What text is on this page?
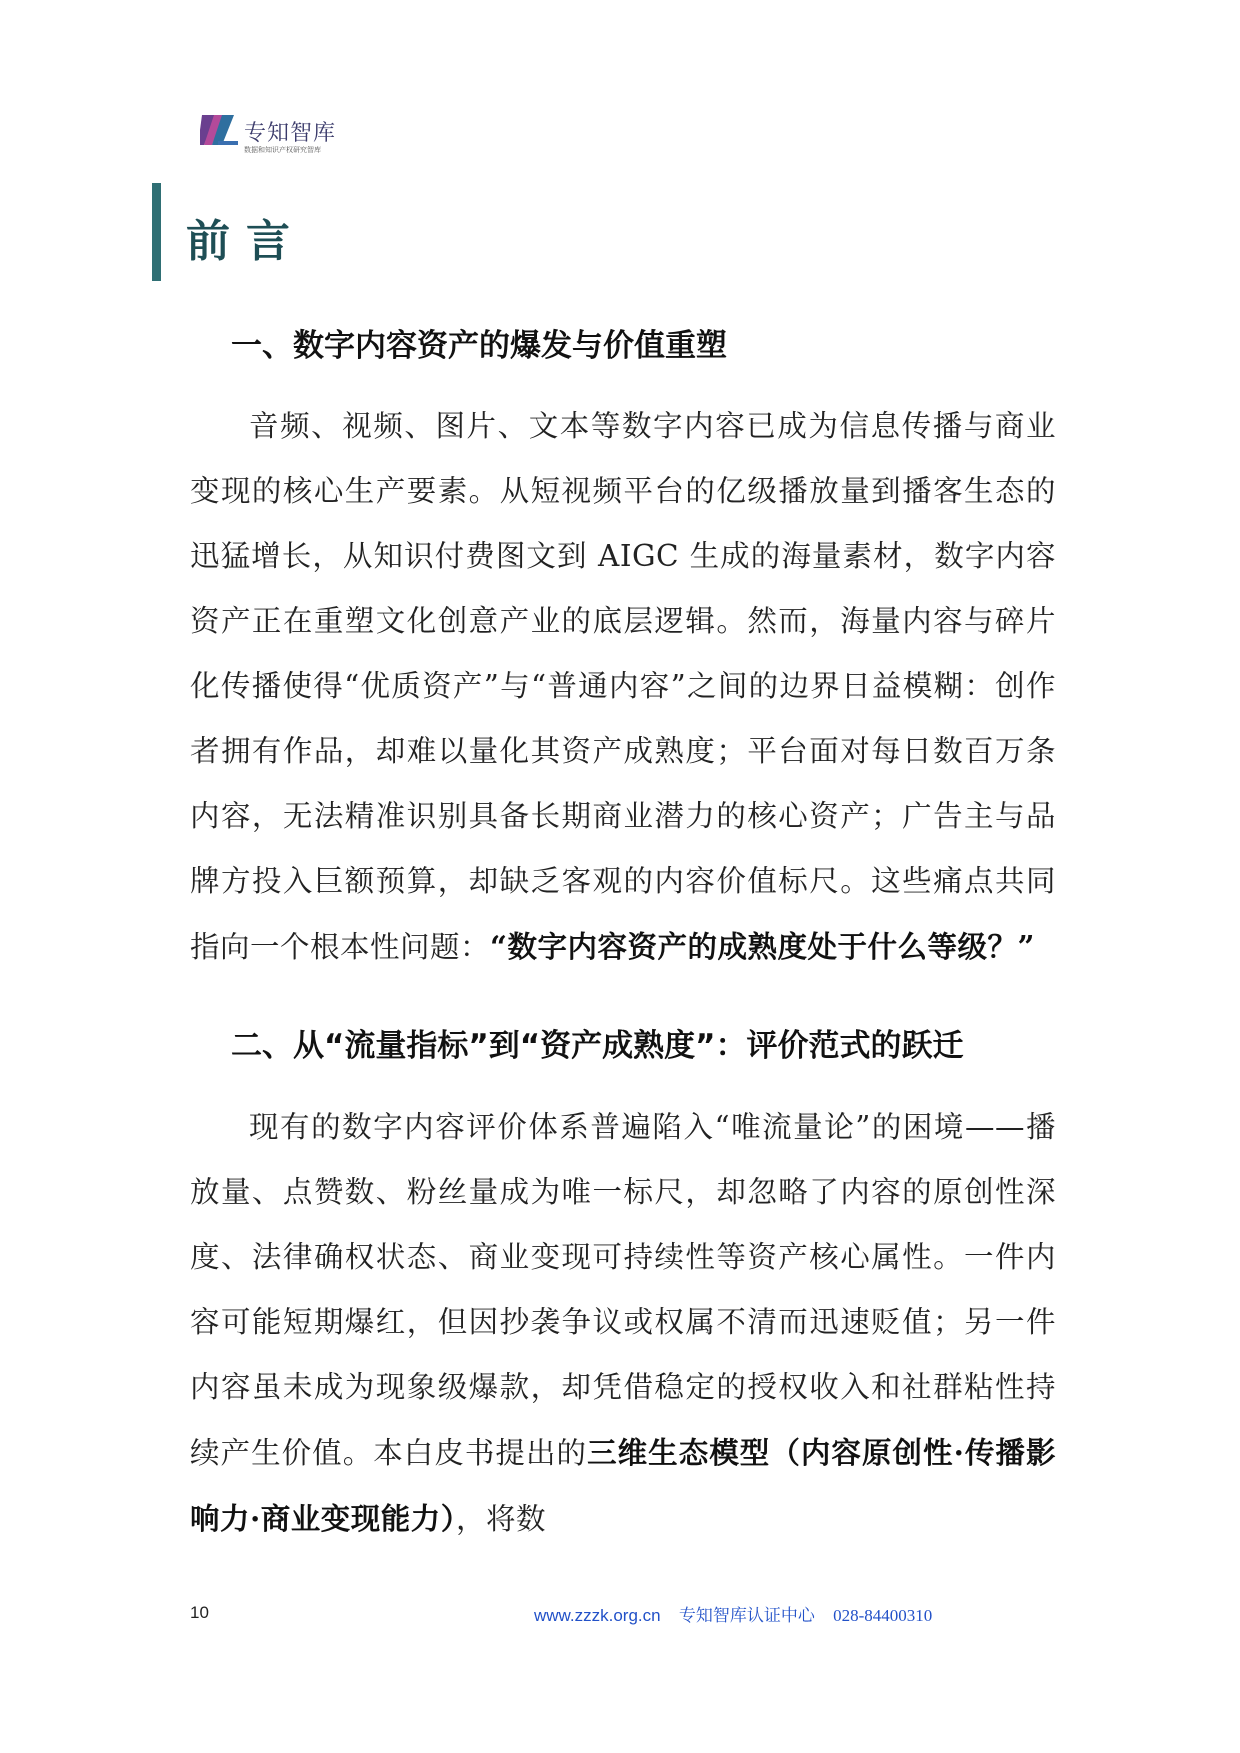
专知智库
数据和知识产权研究智库
前言
一、数字内容资产的爆发与价值重塑

音频、视频、图片、文本等数字内容已成为信息传播与商业变现的核心生产要素。从短视频平台的亿级播放量到播客生态的迅猛增长，从知识付费图文到 AIGC 生成的海量素材，数字内容资产正在重塑文化创意产业的底层逻辑。然而，海量内容与碎片化传播使得“优质资产”与“普通内容”之间的边界日益模糊：创作者拥有作品，却难以量化其资产成熟度；平台面对每日数百万条内容，无法精准识别具备长期商业潜力的核心资产；广告主与品牌方投入巨额预算，却缺乏客观的内容价值标尺。这些痛点共同指向一个根本性问题：“数字内容资产的成熟度处于什么等级？”

二、从“流量指标”到“资产成熟度”：评价范式的跃迁

现有的数字内容评价体系普遍陷入“唯流量论”的困境——播放量、点赞数、粉丝量成为唯一标尺，却忽略了内容的原创性深度、法律确权状态、商业变现可持续性等资产核心属性。一件内容可能短期爆红，但因抄袭争议或权属不清而迅速贬值；另一件内容虽未成为现象级爆款，却凭借稳定的授权收入和社群粘性持续产生价值。本白皮书提出的三维生态模型（内容原创性·传播影响力·商业变现能力），将数

10	www.zzzk.org.cn 专知智库认证中心 028-84400310
